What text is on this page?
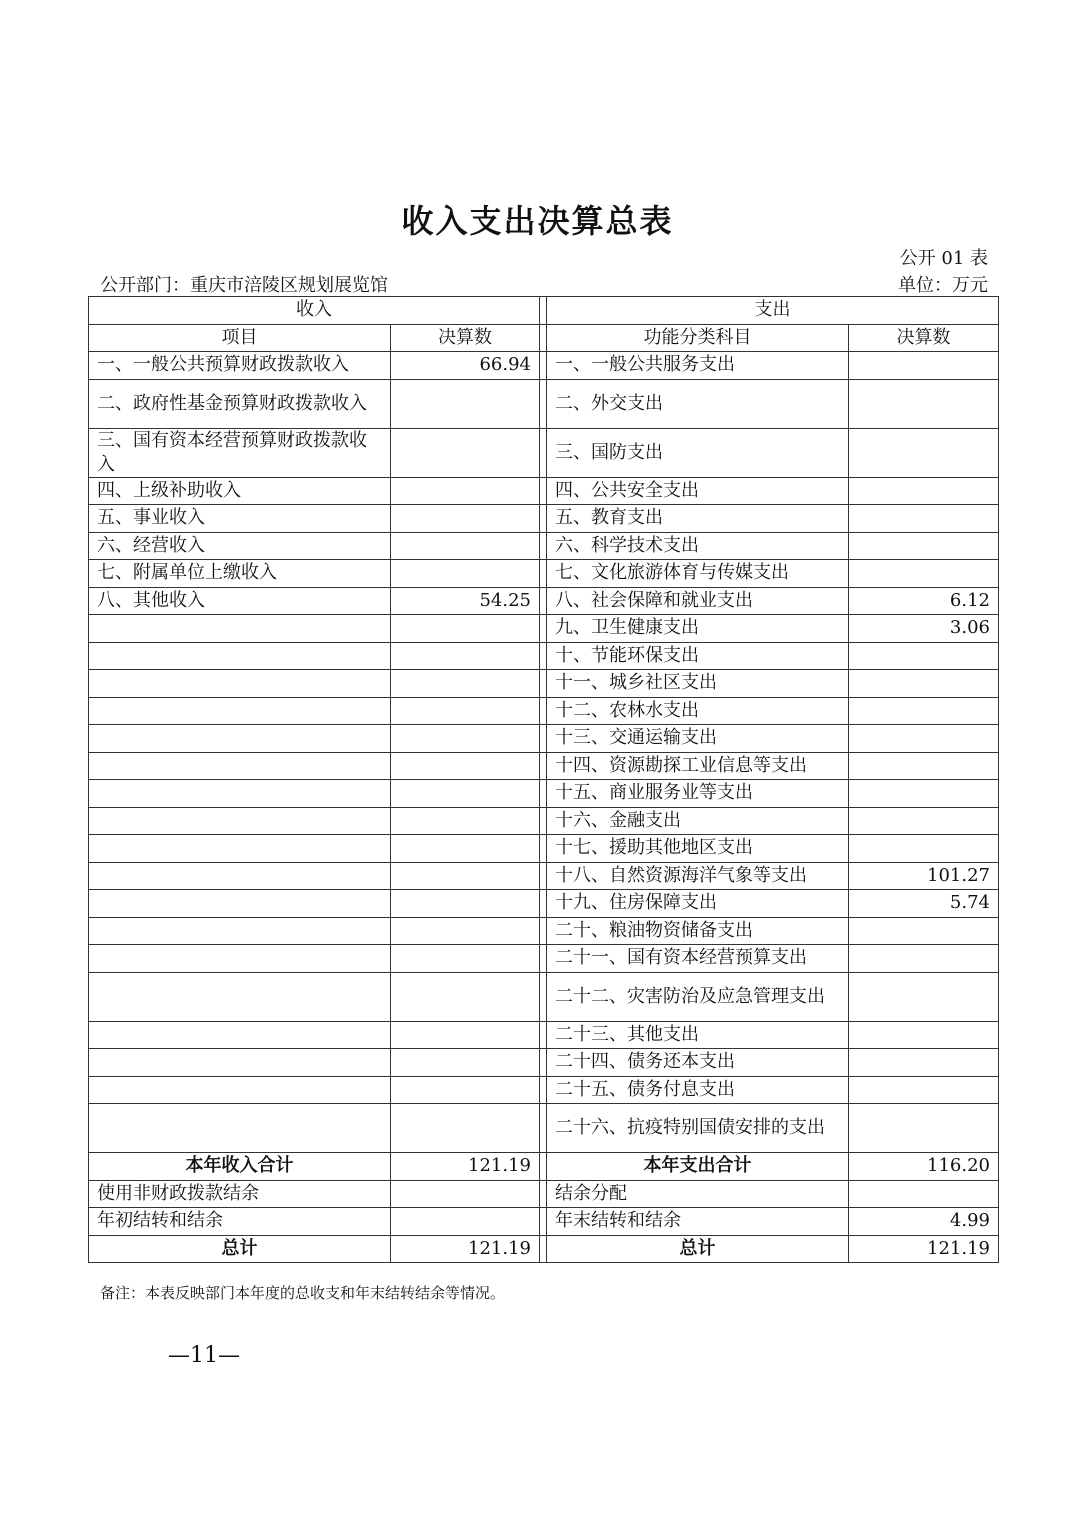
收入支出决算总表
公开 01 表
公开部门：重庆市涪陵区规划展览馆	单位：万元
收入			支出	
项目	决算数		功能分类科目	决算数
一、一般公共预算财政拨款收入	66.94		一、一般公共服务支出	
二、政府性基金预算财政拨款收入			二、外交支出	
三、国有资本经营预算财政拨款收入			三、国防支出	
四、上级补助收入			四、公共安全支出	
五、事业收入			五、教育支出	
六、经营收入			六、科学技术支出	
七、附属单位上缴收入			七、文化旅游体育与传媒支出	
八、其他收入	54.25		八、社会保障和就业支出	6.12
			九、卫生健康支出	3.06
			十、节能环保支出	
			十一、城乡社区支出	
			十二、农林水支出	
			十三、交通运输支出	
			十四、资源勘探工业信息等支出	
			十五、商业服务业等支出	
			十六、金融支出	
			十七、援助其他地区支出	
			十八、自然资源海洋气象等支出	101.27
			十九、住房保障支出	5.74
			二十、粮油物资储备支出	
			二十一、国有资本经营预算支出	
			二十二、灾害防治及应急管理支出	
			二十三、其他支出	
			二十四、债务还本支出	
			二十五、债务付息支出	
			二十六、抗疫特别国债安排的支出	
本年收入合计	121.19		本年支出合计	116.20
使用非财政拨款结余			结余分配	
年初结转和结余			年末结转和结余	4.99
总计	121.19		总计	121.19
备注：本表反映部门本年度的总收支和年末结转结余等情况。
—11—
